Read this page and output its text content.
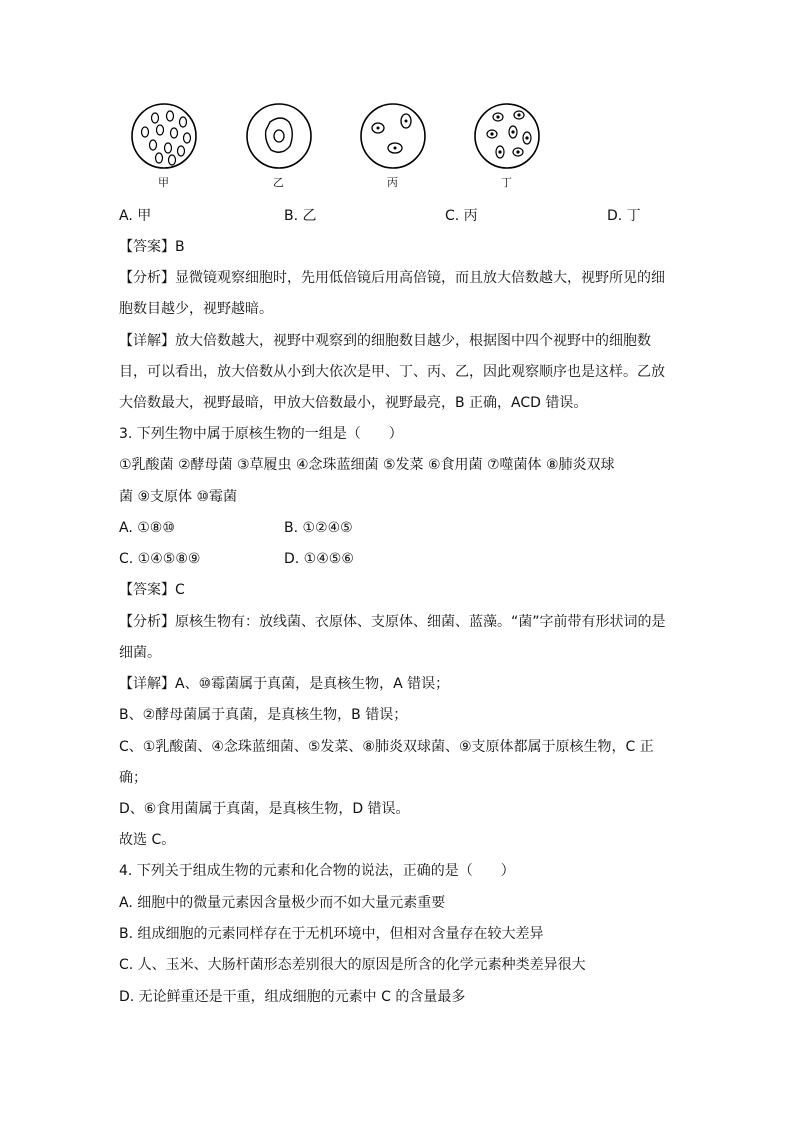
甲	乙	丙	丁
A. 甲	B. 乙	C. 丙	D. 丁
【答案】B
【分析】显微镜观察细胞时，先用低倍镜后用高倍镜，而且放大倍数越大，视野所见的细
胞数目越少，视野越暗。
【详解】放大倍数越大，视野中观察到的细胞数目越少，根据图中四个视野中的细胞数
目，可以看出，放大倍数从小到大依次是甲、丁、丙、乙，因此观察顺序也是这样。乙放
大倍数最大，视野最暗，甲放大倍数最小，视野最亮，B 正确，ACD 错误。
3. 下列生物中属于原核生物的一组是（　　）
①乳酸菌 ②酵母菌 ③草履虫 ④念珠蓝细菌 ⑤发菜 ⑥食用菌 ⑦噬菌体 ⑧肺炎双球
菌 ⑨支原体 ⑩霉菌
A. ①⑧⑩	B. ①②④⑤
C. ①④⑤⑧⑨	D. ①④⑤⑥
【答案】C
【分析】原核生物有：放线菌、衣原体、支原体、细菌、蓝藻。“菌”字前带有形状词的是
细菌。
【详解】A、⑩霉菌属于真菌，是真核生物，A 错误；
B、②酵母菌属于真菌，是真核生物，B 错误；
C、①乳酸菌、④念珠蓝细菌、⑤发菜、⑧肺炎双球菌、⑨支原体都属于原核生物，C 正
确；
D、⑥食用菌属于真菌，是真核生物，D 错误。
故选 C。
4. 下列关于组成生物的元素和化合物的说法，正确的是（　　）
A. 细胞中的微量元素因含量极少而不如大量元素重要
B. 组成细胞的元素同样存在于无机环境中，但相对含量存在较大差异
C. 人、玉米、大肠杆菌形态差别很大的原因是所含的化学元素种类差异很大
D. 无论鲜重还是干重，组成细胞的元素中 C 的含量最多
